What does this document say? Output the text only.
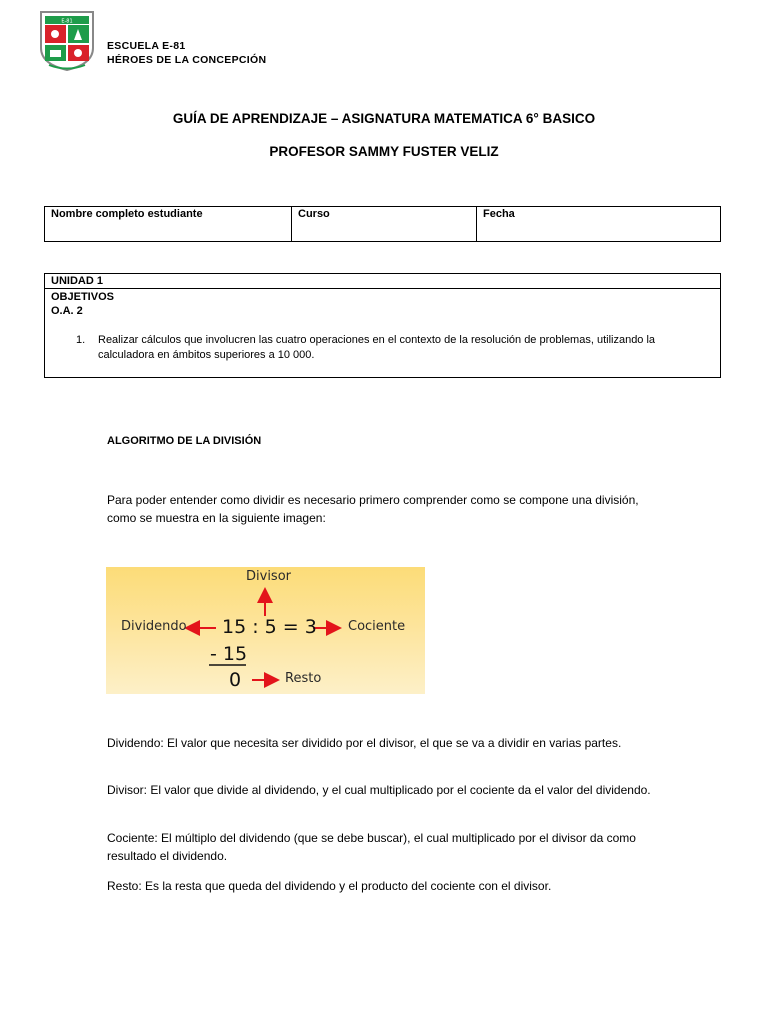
E-81
ESCUELA E-81
HÉROES DE LA CONCEPCIÓN
GUÍA DE APRENDIZAJE – ASIGNATURA MATEMATICA 6° BASICO
PROFESOR SAMMY FUSTER VELIZ
Nombre completo estudiante	Curso	Fecha
UNIDAD 1
OBJETIVOS
O.A. 2
1. Realizar cálculos que involucren las cuatro operaciones en el contexto de la resolución de problemas, utilizando la calculadora en ámbitos superiores a 10 000.
ALGORITMO DE LA DIVISIÓN
Para poder entender como dividir es necesario primero comprender como se compone una división, como se muestra en la siguiente imagen:
Divisor
Dividendo	Cociente
Resto
15 : 5 = 3
- 15
0
Dividendo: El valor que necesita ser dividido por el divisor, el que se va a dividir en varias partes.
Divisor: El valor que divide al dividendo, y el cual multiplicado por el cociente da el valor del dividendo.
Cociente: El múltiplo del dividendo (que se debe buscar), el cual multiplicado por el divisor da como resultado el dividendo.
Resto: Es la resta que queda del dividendo y el producto del cociente con el divisor.
